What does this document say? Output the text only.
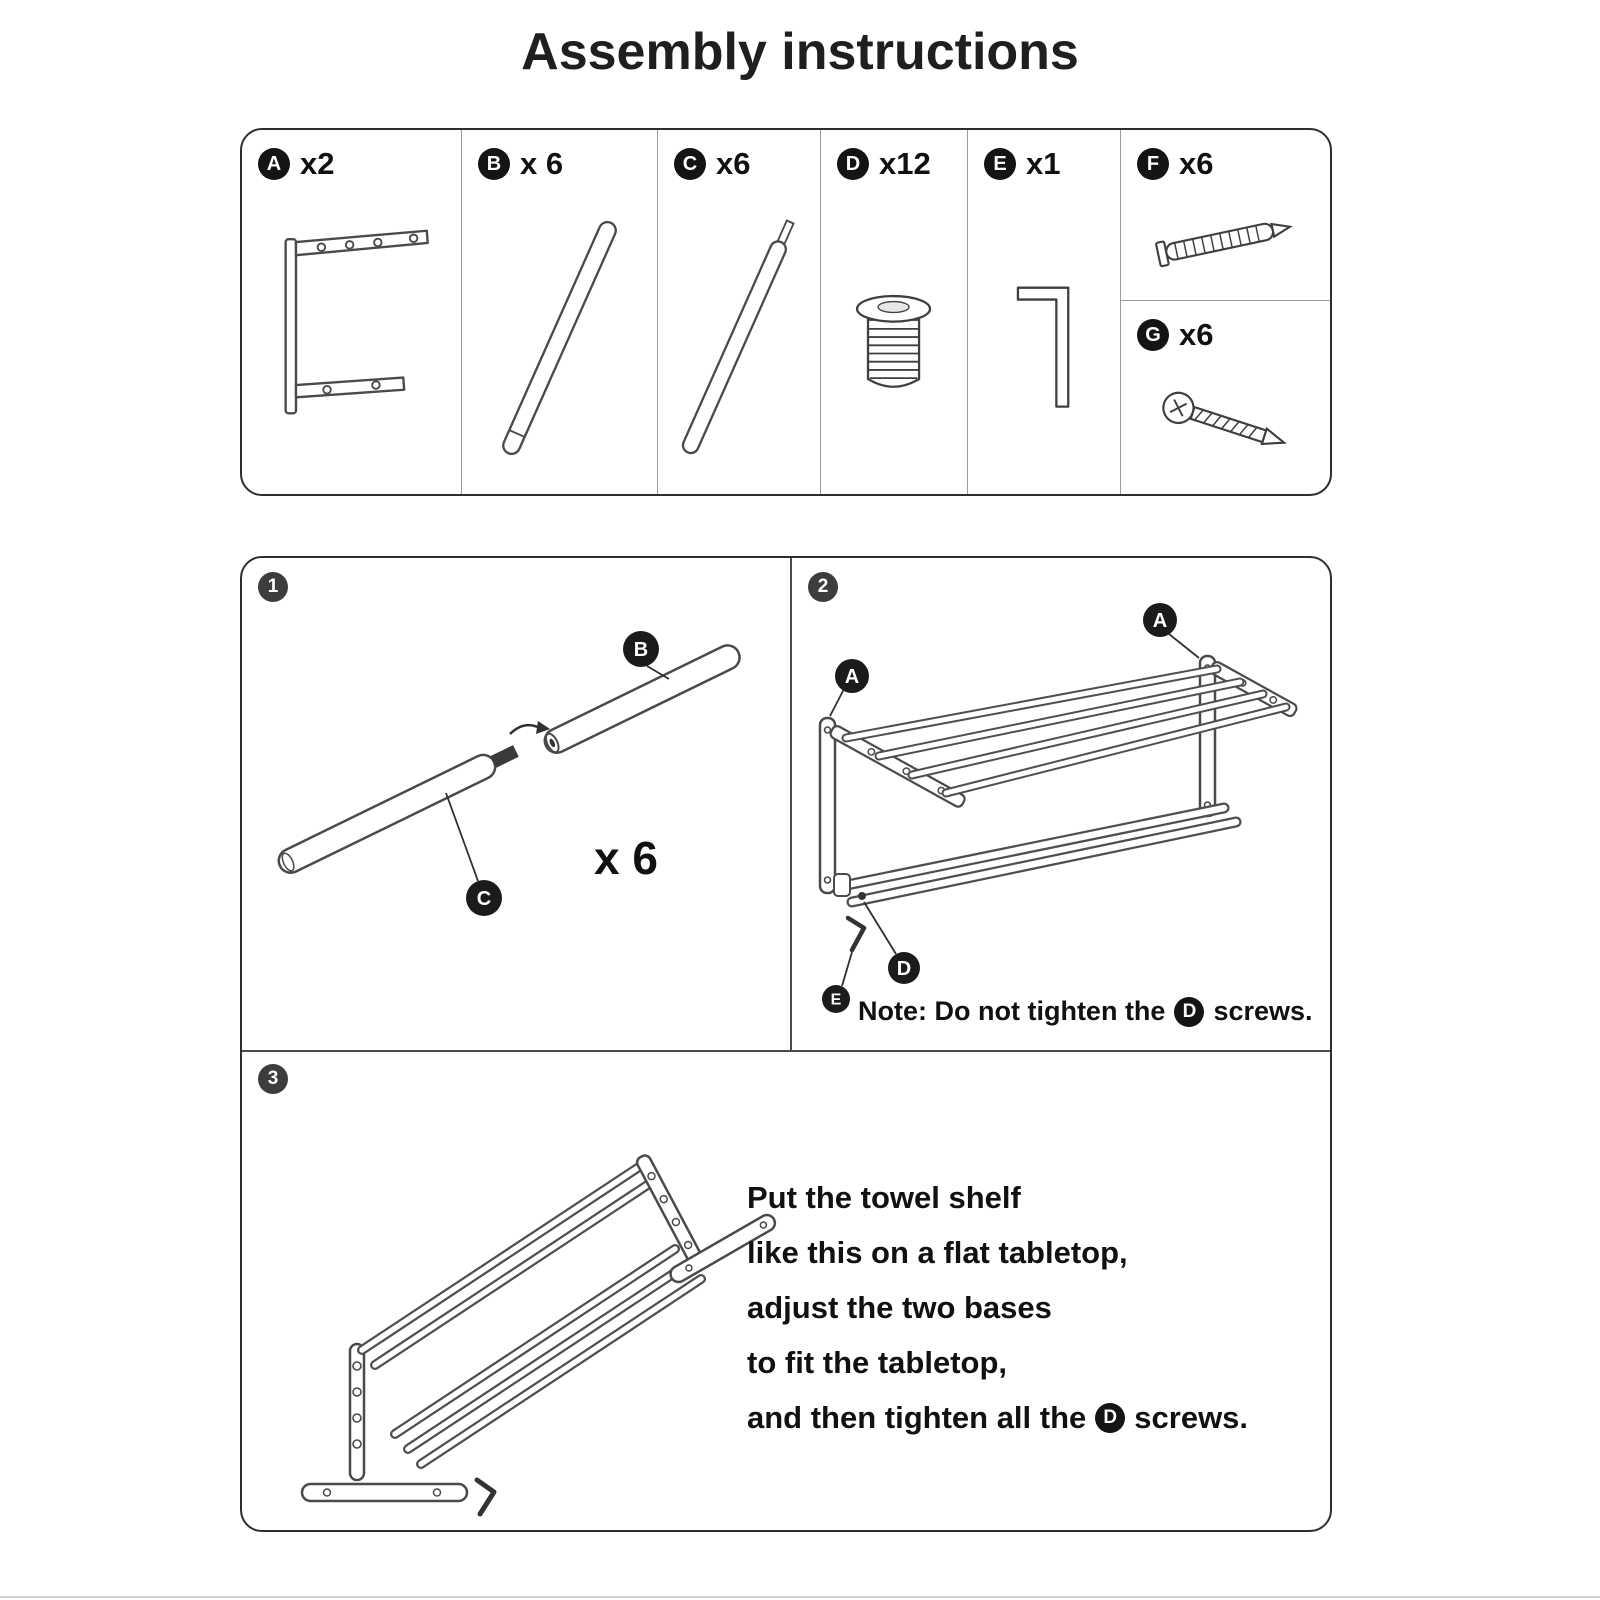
Assembly instructions
A x2	B x 6	C x6	D x12	E x1	F x6
G x6
1
B
C
x 6
2
A
A
D
E Note: Do not tighten the D screws.
3
Put the towel shelf
like this on a flat tabletop,
adjust the two bases
to fit the tabletop,
and then tighten all the D screws.
